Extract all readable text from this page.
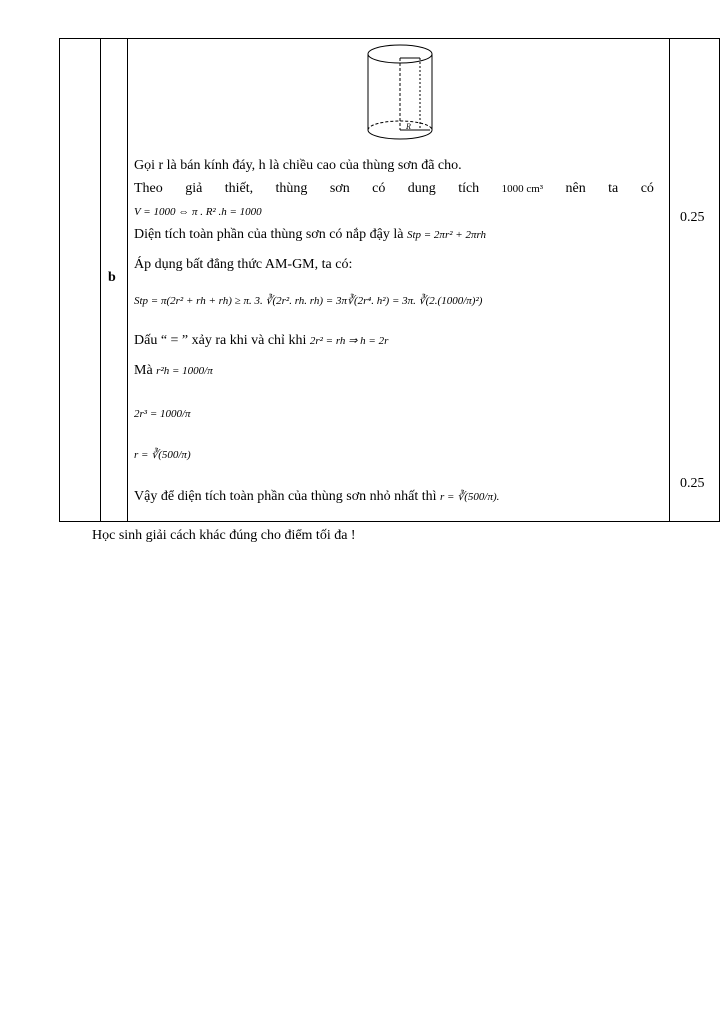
R
Gọi r là bán kính đáy, h là chiều cao của thùng sơn đã cho.
Theo giả thiết, thùng sơn có dung tích 1000 cm³ nên ta có
V = 1000 ⇔ π . R² .h = 1000
Diện tích toàn phần của thùng sơn có nắp đậy là Stp = 2πr² + 2πrh
Áp dụng bất đẳng thức AM-GM, ta có:
Stp = π(2r² + rh + rh) ≥ π. 3. ∛(2r². rh. rh) = 3π∛(2r⁴. h²) = 3π. ∛(2.(1000/π)²)
Dấu “ = ” xảy ra khi và chỉ khi 2r² = rh ⇒ h = 2r
Mà r²h = 1000/π
2r³ = 1000/π
r = ∛(500/π)
Vậy để diện tích toàn phần của thùng sơn nhỏ nhất thì r = ∛(500/π).
b
0.25
0.25
Học sinh giải cách khác đúng cho điểm tối đa !
